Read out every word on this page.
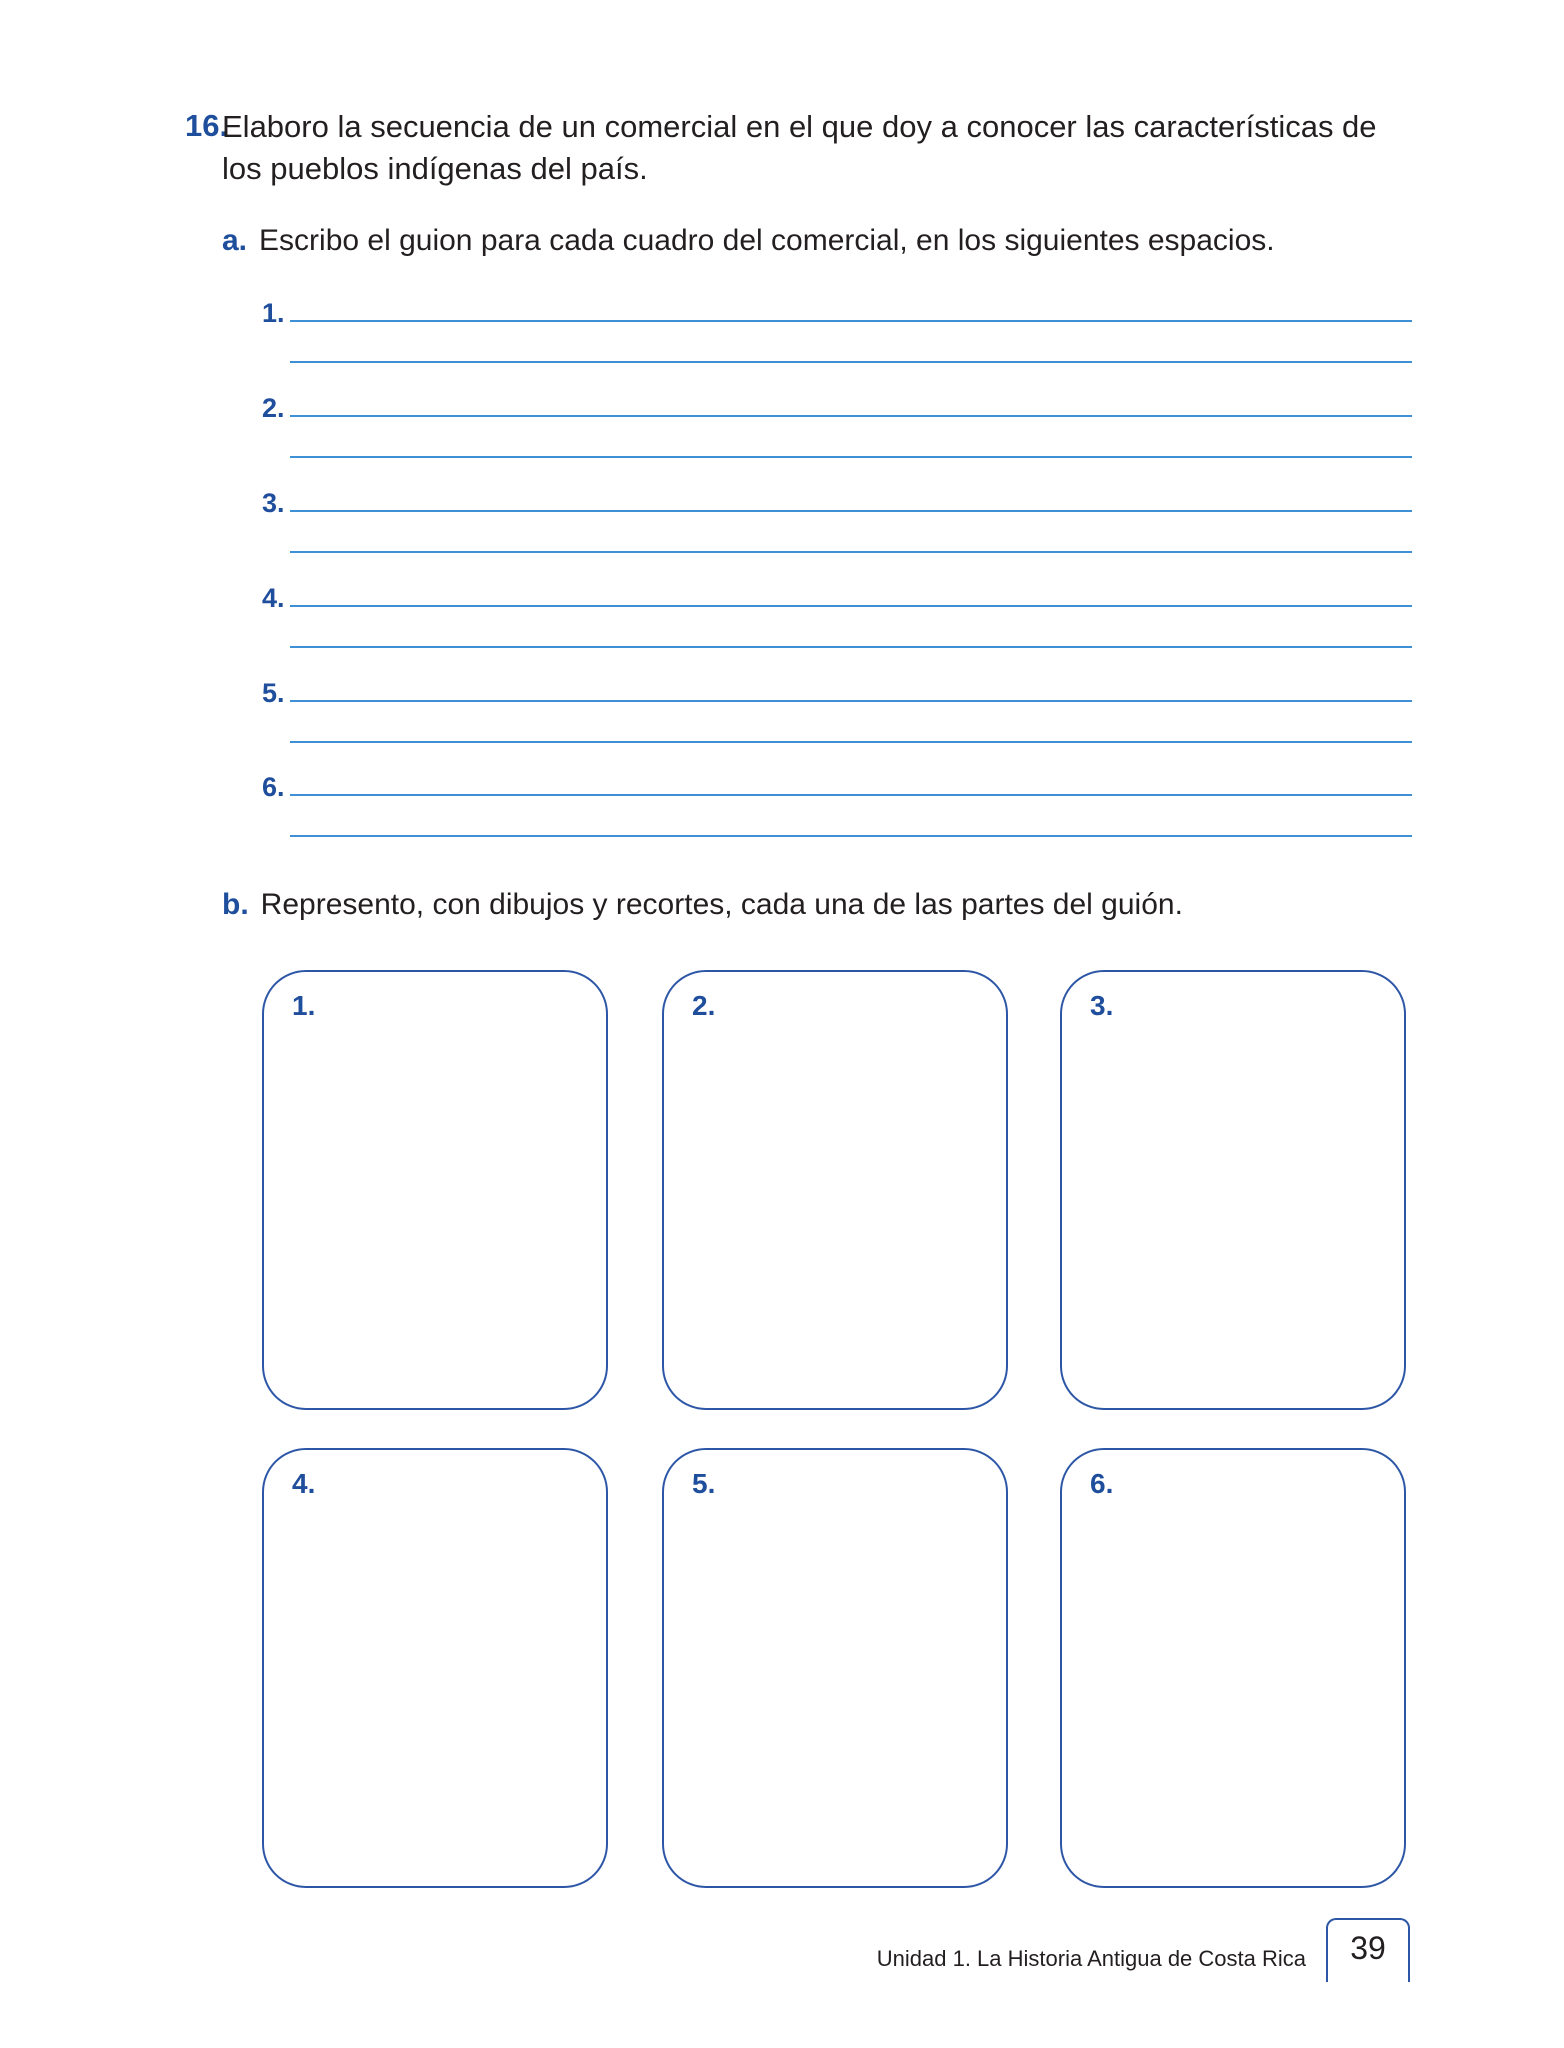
16.
Elaboro la secuencia de un comercial en el que doy a conocer las características de los pueblos indígenas del país.
a. Escribo el guion para cada cuadro del comercial, en los siguientes espacios.
1.
2.
3.
4.
5.
6.
b. Represento, con dibujos y recortes, cada una de las partes del guión.
1.	2.	3.
4.	5.	6.
Unidad 1. La Historia Antigua de Costa Rica	39
